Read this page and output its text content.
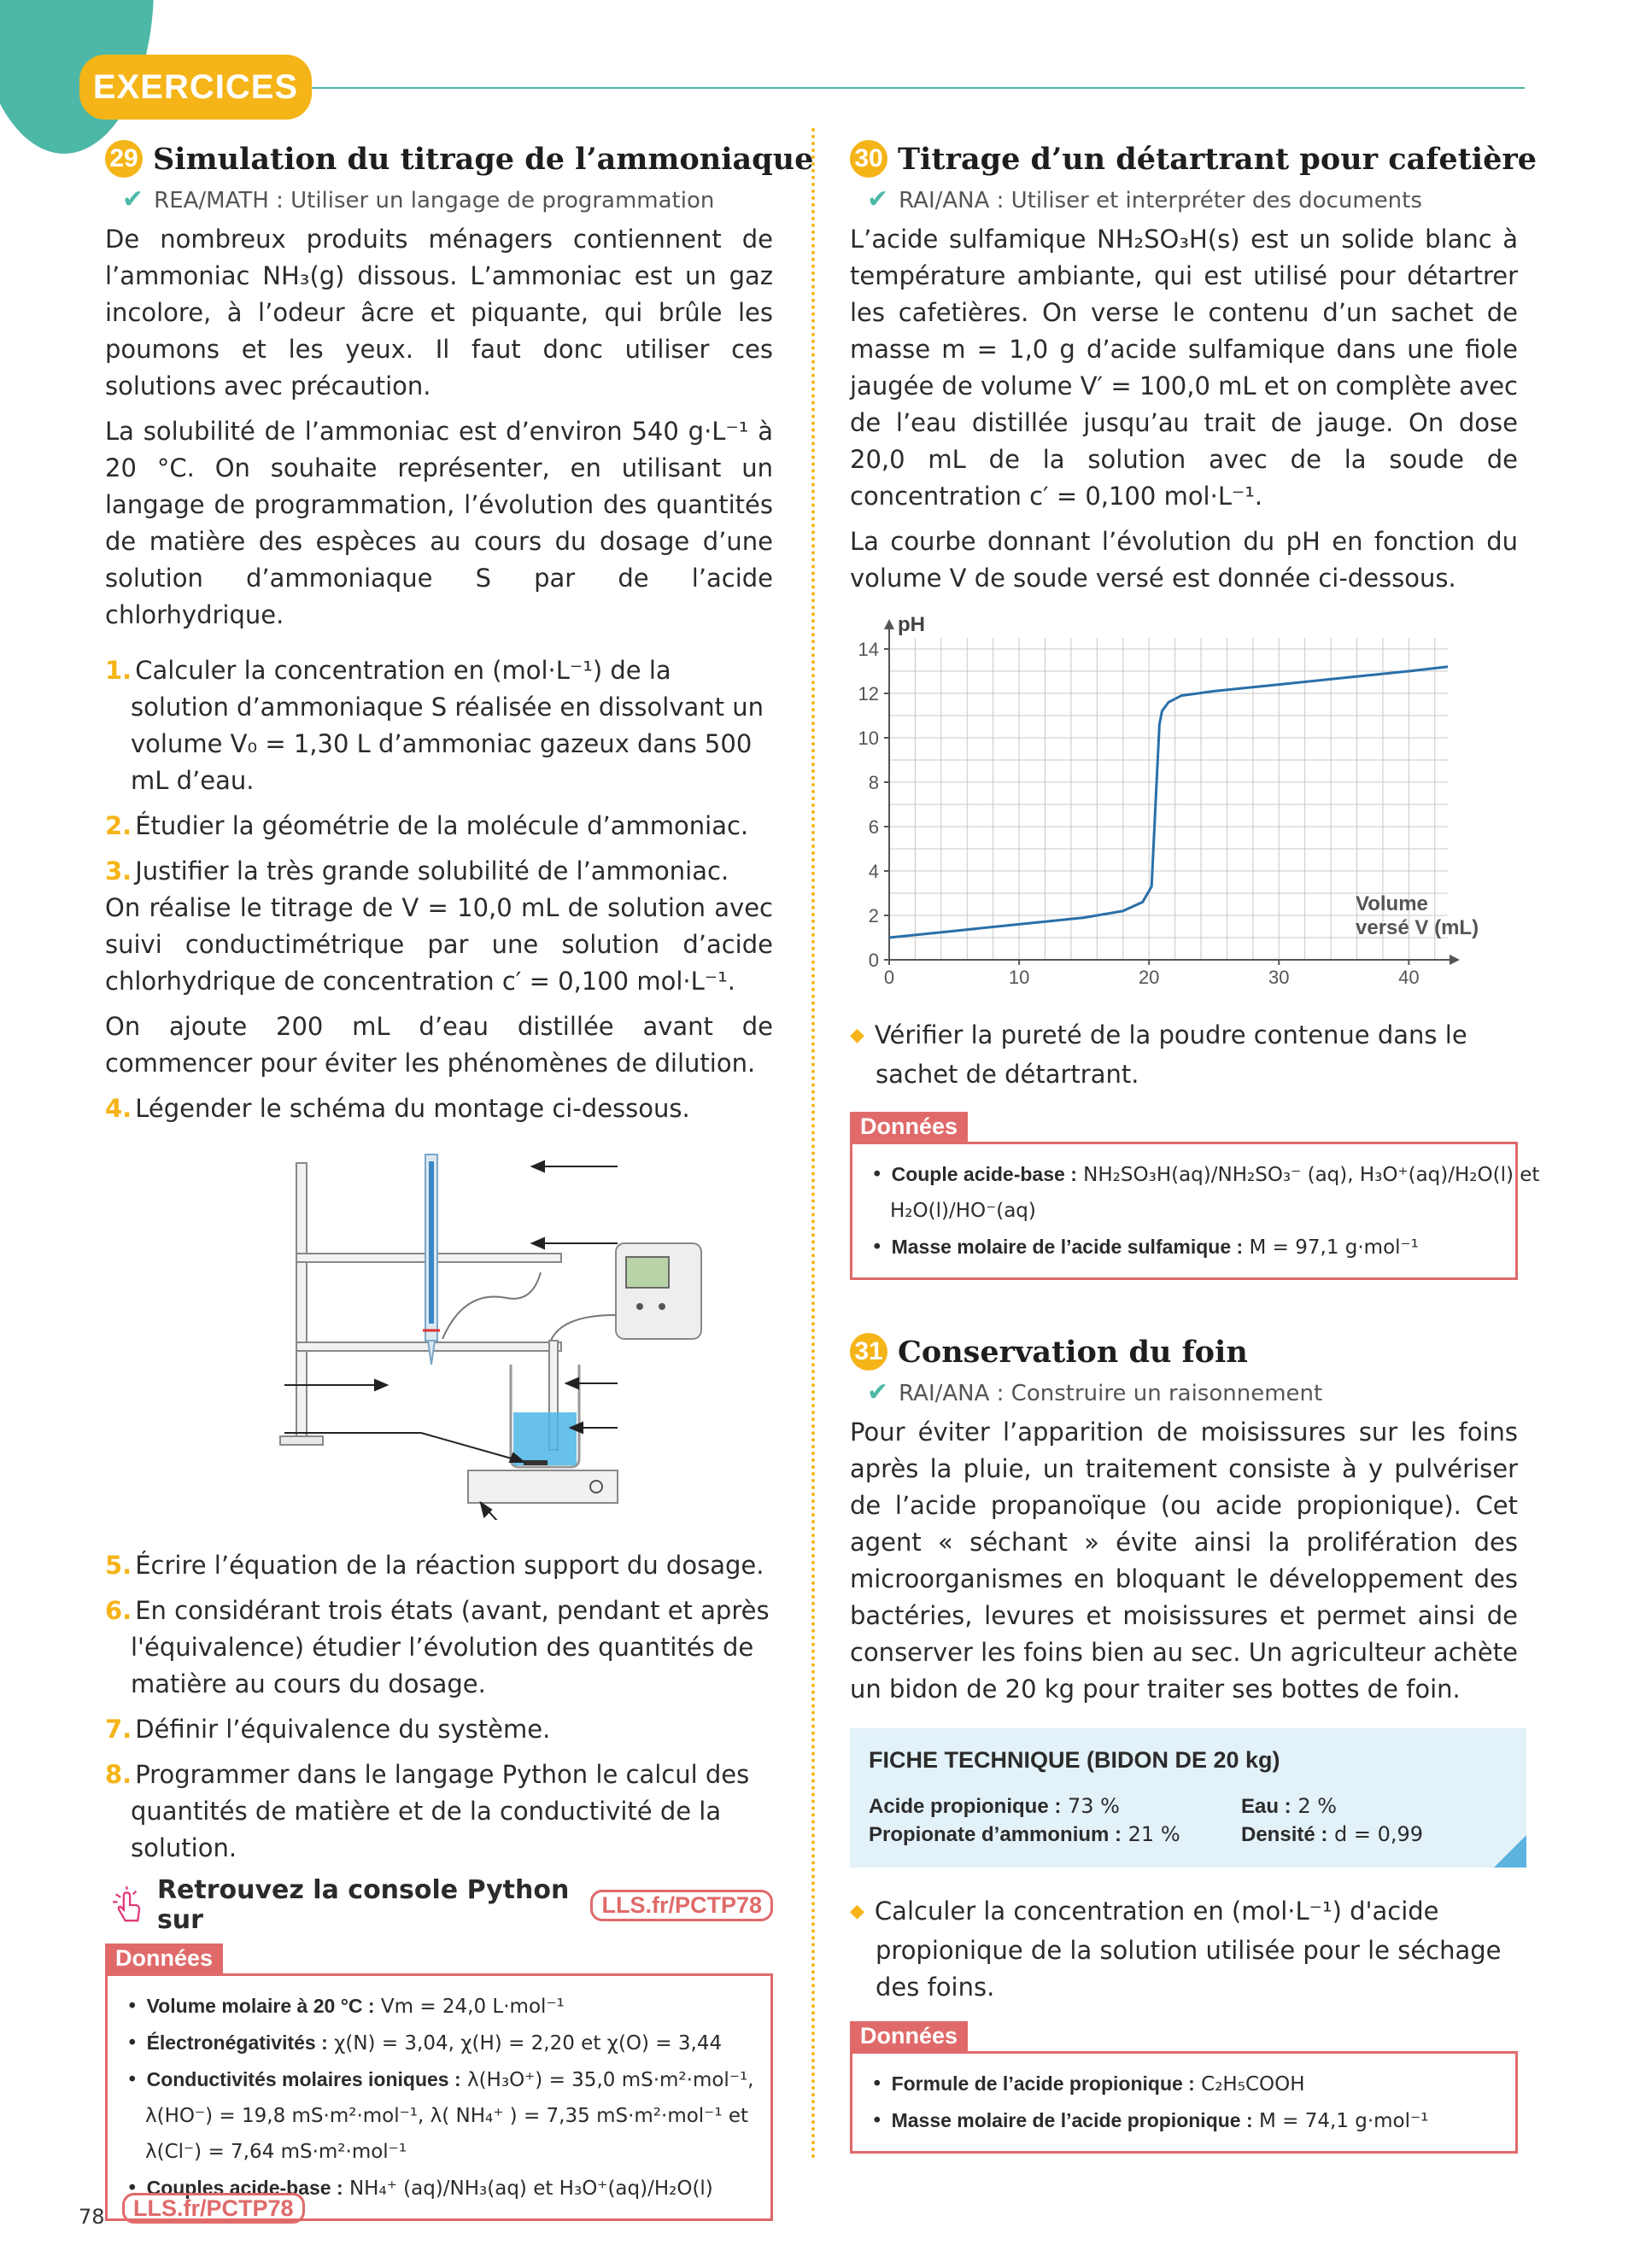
EXERCICES
29 Simulation du titrage de l’ammoniaque
✔ REA/MATH : Utiliser un langage de programmation

De nombreux produits ménagers contiennent de l’ammoniac NH₃(g) dissous. L’ammoniac est un gaz incolore, à l’odeur âcre et piquante, qui brûle les poumons et les yeux. Il faut donc utiliser ces solutions avec précaution.

La solubilité de l’ammoniac est d’environ 540 g·L⁻¹ à 20 °C. On souhaite représenter, en utilisant un langage de programmation, l’évolution des quantités de matière des espèces au cours du dosage d’une solution d’ammoniaque S par de l’acide chlorhydrique.

1. Calculer la concentration en (mol·L⁻¹) de la solution d’ammoniaque S réalisée en dissolvant un volume V₀ = 1,30 L d’ammoniac gazeux dans 500 mL d’eau.

2. Étudier la géométrie de la molécule d’ammoniac.

3. Justifier la très grande solubilité de l’ammoniac.

On réalise le titrage de V = 10,0 mL de solution avec suivi conductimétrique par une solution d’acide chlorhydrique de concentration c′ = 0,100 mol·L⁻¹.

On ajoute 200 mL d’eau distillée avant de commencer pour éviter les phénomènes de dilution.

4. Légender le schéma du montage ci-dessous.

5. Écrire l’équation de la réaction support du dosage.

6. En considérant trois états (avant, pendant et après l'équivalence) étudier l’évolution des quantités de matière au cours du dosage.

7. Définir l’équivalence du système.

8. Programmer dans le langage Python le calcul des quantités de matière et de la conductivité de la solution.

Retrouvez la console Python sur
LLS.fr/PCTP78
Données
• Volume molaire à 20 °C : Vm = 24,0 L·mol⁻¹
• Électronégativités : χ(N) = 3,04, χ(H) = 2,20 et χ(O) = 3,44
• Conductivités molaires ioniques : λ(H₃O⁺) = 35,0 mS·m²·mol⁻¹,
λ(HO⁻) = 19,8 mS·m²·mol⁻¹, λ( NH₄⁺ ) = 7,35 mS·m²·mol⁻¹ et
λ(Cl⁻) = 7,64 mS·m²·mol⁻¹
• Couples acide-base : NH₄⁺ (aq)/NH₃(aq) et H₃O⁺(aq)/H₂O(l)
30 Titrage d’un détartrant pour cafetière
✔ RAI/ANA : Utiliser et interpréter des documents

L’acide sulfamique NH₂SO₃H(s) est un solide blanc à température ambiante, qui est utilisé pour détartrer les cafetières. On verse le contenu d’un sachet de masse m = 1,0 g d’acide sulfamique dans une fiole jaugée de volume V′ = 100,0 mL et on complète avec de l’eau distillée jusqu’au trait de jauge. On dose 20,0 mL de la solution avec de la soude de concentration c′ = 0,100 mol·L⁻¹.

La courbe donnant l’évolution du pH en fonction du volume V de soude versé est donnée ci-dessous.

0
2
4
6
8
10
12
14
0	10	20	30	40
pH
Volume
versé V (mL)

◆ Vérifier la pureté de la poudre contenue dans le sachet de détartrant.

Données
• Couple acide-base : NH₂SO₃H(aq)/NH₂SO₃⁻ (aq), H₃O⁺(aq)/H₂O(l) et
H₂O(l)/HO⁻(aq)
• Masse molaire de l’acide sulfamique : M = 97,1 g·mol⁻¹
31 Conservation du foin
✔ RAI/ANA : Construire un raisonnement

Pour éviter l’apparition de moisissures sur les foins après la pluie, un traitement consiste à y pulvériser de l’acide propanoïque (ou acide propionique). Cet agent « séchant » évite ainsi la prolifération des microorganismes en bloquant le développement des bactéries, levures et moisissures et permet ainsi de conserver les foins bien au sec. Un agriculteur achète un bidon de 20 kg pour traiter ses bottes de foin.

FICHE TECHNIQUE (BIDON DE 20 kg)
Acide propionique : 73 %	Eau : 2 %
Propionate d’ammonium : 21 %	Densité : d = 0,99

◆ Calculer la concentration en (mol·L⁻¹) d'acide propionique de la solution utilisée pour le séchage des foins.

Données
• Formule de l’acide propionique : C₂H₅COOH
• Masse molaire de l’acide propionique : M = 74,1 g·mol⁻¹
78	LLS.fr/PCTP78
